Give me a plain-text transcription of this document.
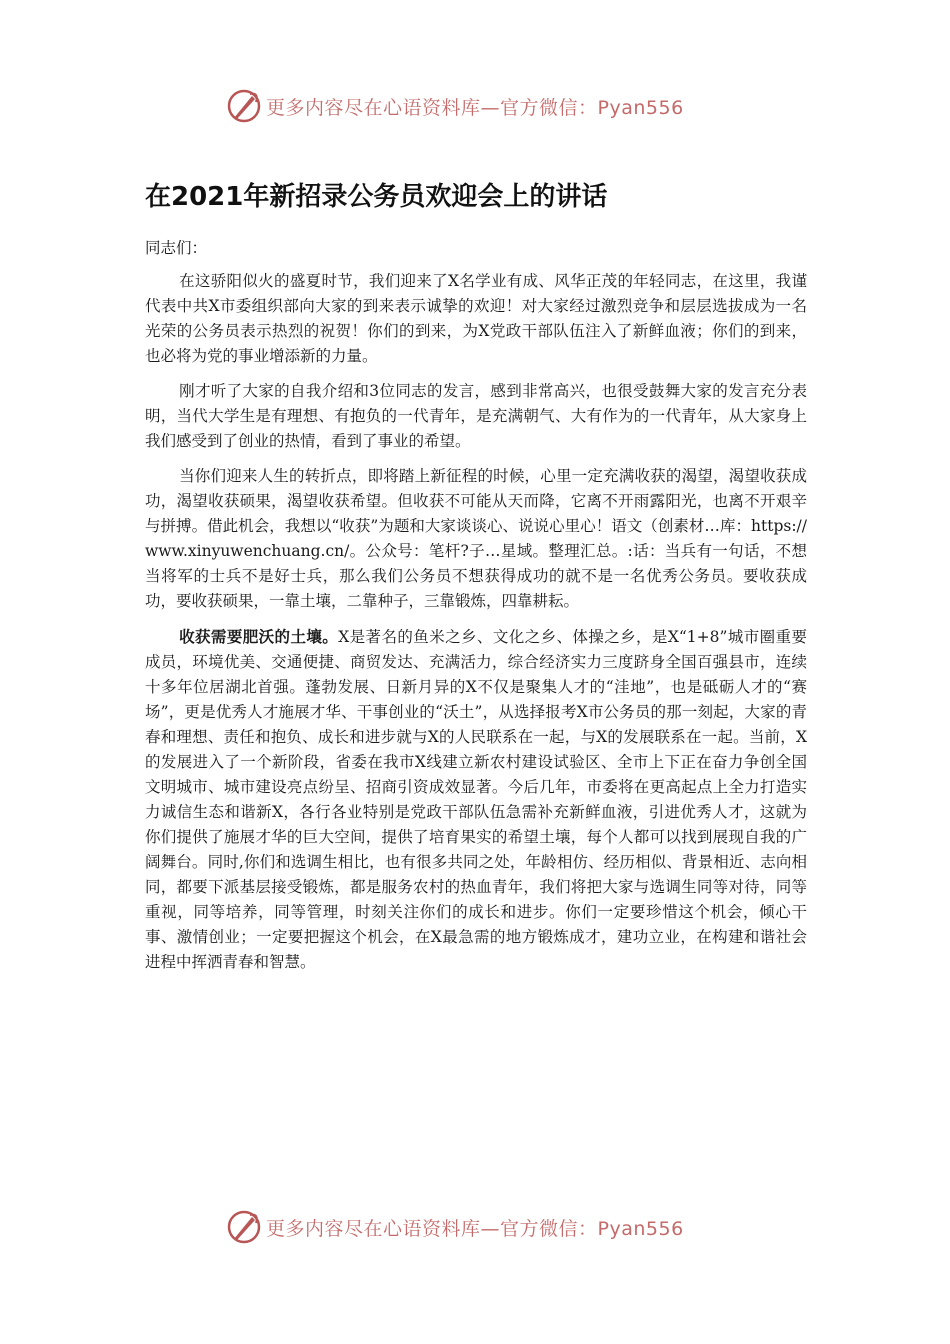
更多内容尽在心语资料库—官方微信：Pyan556
在2021年新招录公务员欢迎会上的讲话

同志们：

在这骄阳似火的盛夏时节，我们迎来了X名学业有成、风华正茂的年轻同志，在这里，我谨代表中共X市委组织部向大家的到来表示诚挚的欢迎！对大家经过激烈竞争和层层选拔成为一名光荣的公务员表示热烈的祝贺！你们的到来，为X党政干部队伍注入了新鲜血液；你们的到来，也必将为党的事业增添新的力量。

刚才听了大家的自我介绍和3位同志的发言，感到非常高兴，也很受鼓舞大家的发言充分表明，当代大学生是有理想、有抱负的一代青年，是充满朝气、大有作为的一代青年，从大家身上我们感受到了创业的热情，看到了事业的希望。

当你们迎来人生的转折点，即将踏上新征程的时候，心里一定充满收获的渴望，渴望收获成功，渴望收获硕果，渴望收获希望。但收获不可能从天而降，它离不开雨露阳光，也离不开艰辛与拼搏。借此机会，我想以“收获”为题和大家谈谈心、说说心里心！语文（创素材…库：https://www.xinyuwenchuang.cn/。公众号：笔杆?子…星域。整理汇总。:话：当兵有一句话，不想当将军的士兵不是好士兵，那么我们公务员不想获得成功的就不是一名优秀公务员。要收获成功，要收获硕果，一靠土壤，二靠种子，三靠锻炼，四靠耕耘。

收获需要肥沃的土壤。X是著名的鱼米之乡、文化之乡、体操之乡，是X“1+8”城市圈重要成员，环境优美、交通便捷、商贸发达、充满活力，综合经济实力三度跻身全国百强县市，连续十多年位居湖北首强。蓬勃发展、日新月异的X不仅是聚集人才的“洼地”，也是砥砺人才的“赛场”，更是优秀人才施展才华、干事创业的“沃土”，从选择报考X市公务员的那一刻起，大家的青春和理想、责任和抱负、成长和进步就与X的人民联系在一起，与X的发展联系在一起。当前，X的发展进入了一个新阶段，省委在我市X线建立新农村建设试验区、全市上下正在奋力争创全国文明城市、城市建设亮点纷呈、招商引资成效显著。今后几年，市委将在更高起点上全力打造实力诚信生态和谐新X，各行各业特别是党政干部队伍急需补充新鲜血液，引进优秀人才，这就为你们提供了施展才华的巨大空间，提供了培育果实的希望土壤，每个人都可以找到展现自我的广阔舞台。同时,你们和选调生相比，也有很多共同之处，年龄相仿、经历相似、背景相近、志向相同，都要下派基层接受锻炼，都是服务农村的热血青年，我们将把大家与选调生同等对待，同等重视，同等培养，同等管理，时刻关注你们的成长和进步。你们一定要珍惜这个机会，倾心干事、激情创业；一定要把握这个机会，在X最急需的地方锻炼成才，建功立业，在构建和谐社会进程中挥洒青春和智慧。

更多内容尽在心语资料库—官方微信：Pyan556
